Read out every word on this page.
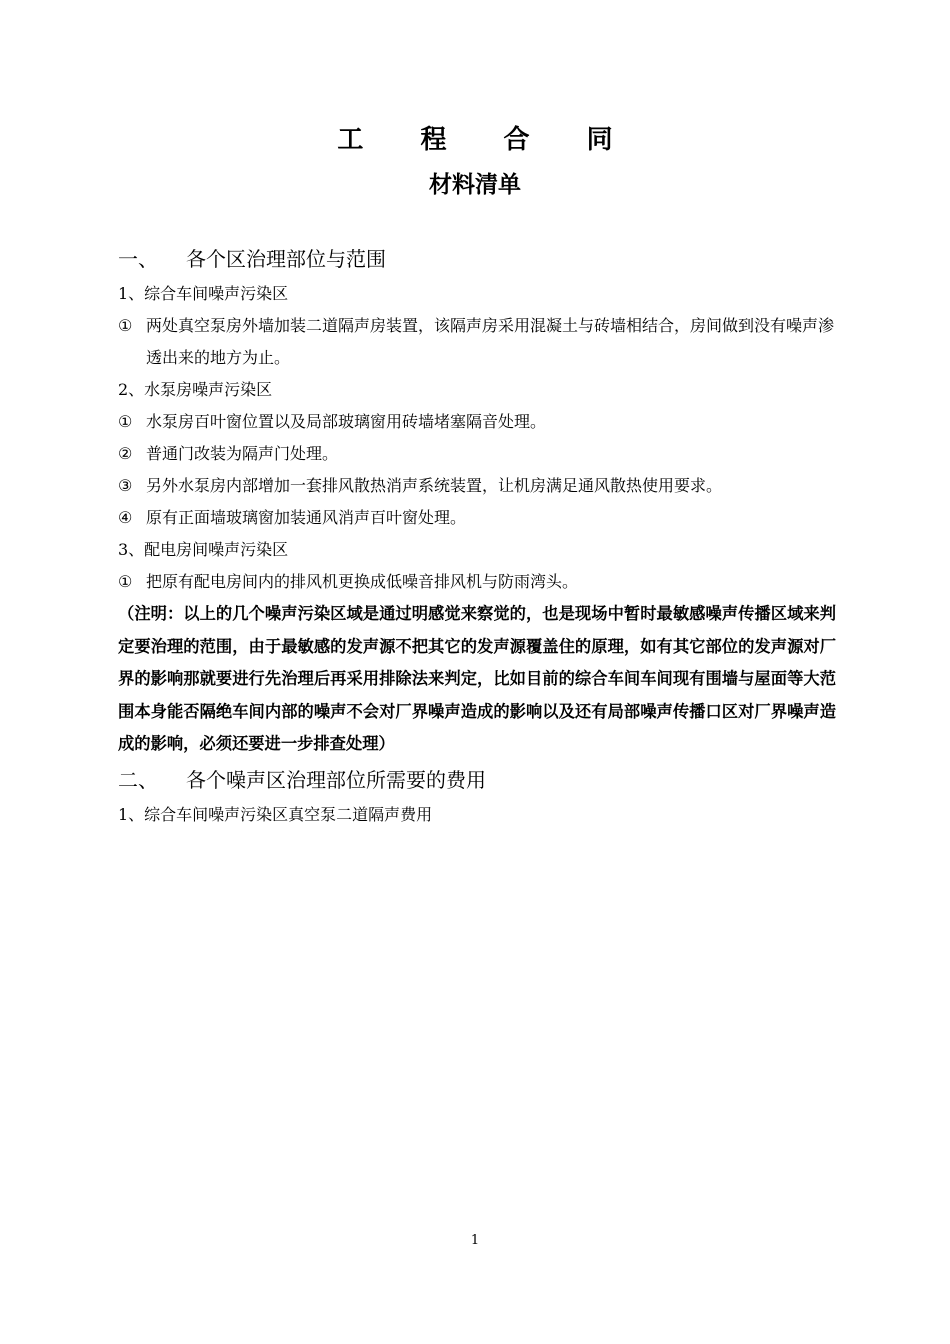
工 程 合 同
材料清单
一、	各个区治理部位与范围

1、综合车间噪声污染区

① 两处真空泵房外墙加装二道隔声房装置，该隔声房采用混凝土与砖墙相结合，房间做到没有噪声渗透出来的地方为止。

2、水泵房噪声污染区

① 水泵房百叶窗位置以及局部玻璃窗用砖墙堵塞隔音处理。
② 普通门改装为隔声门处理。
③ 另外水泵房内部增加一套排风散热消声系统装置，让机房满足通风散热使用要求。
④ 原有正面墙玻璃窗加装通风消声百叶窗处理。

3、配电房间噪声污染区

① 把原有配电房间内的排风机更换成低噪音排风机与防雨湾头。

（注明：以上的几个噪声污染区域是通过明感觉来察觉的，也是现场中暂时最敏感噪声传播区域来判定要治理的范围，由于最敏感的发声源不把其它的发声源覆盖住的原理，如有其它部位的发声源对厂界的影响那就要进行先治理后再采用排除法来判定，比如目前的综合车间车间现有围墙与屋面等大范围本身能否隔绝车间内部的噪声不会对厂界噪声造成的影响以及还有局部噪声传播口区对厂界噪声造成的影响，必须还要进一步排查处理）

二、	各个噪声区治理部位所需要的费用

1、综合车间噪声污染区真空泵二道隔声费用

1
